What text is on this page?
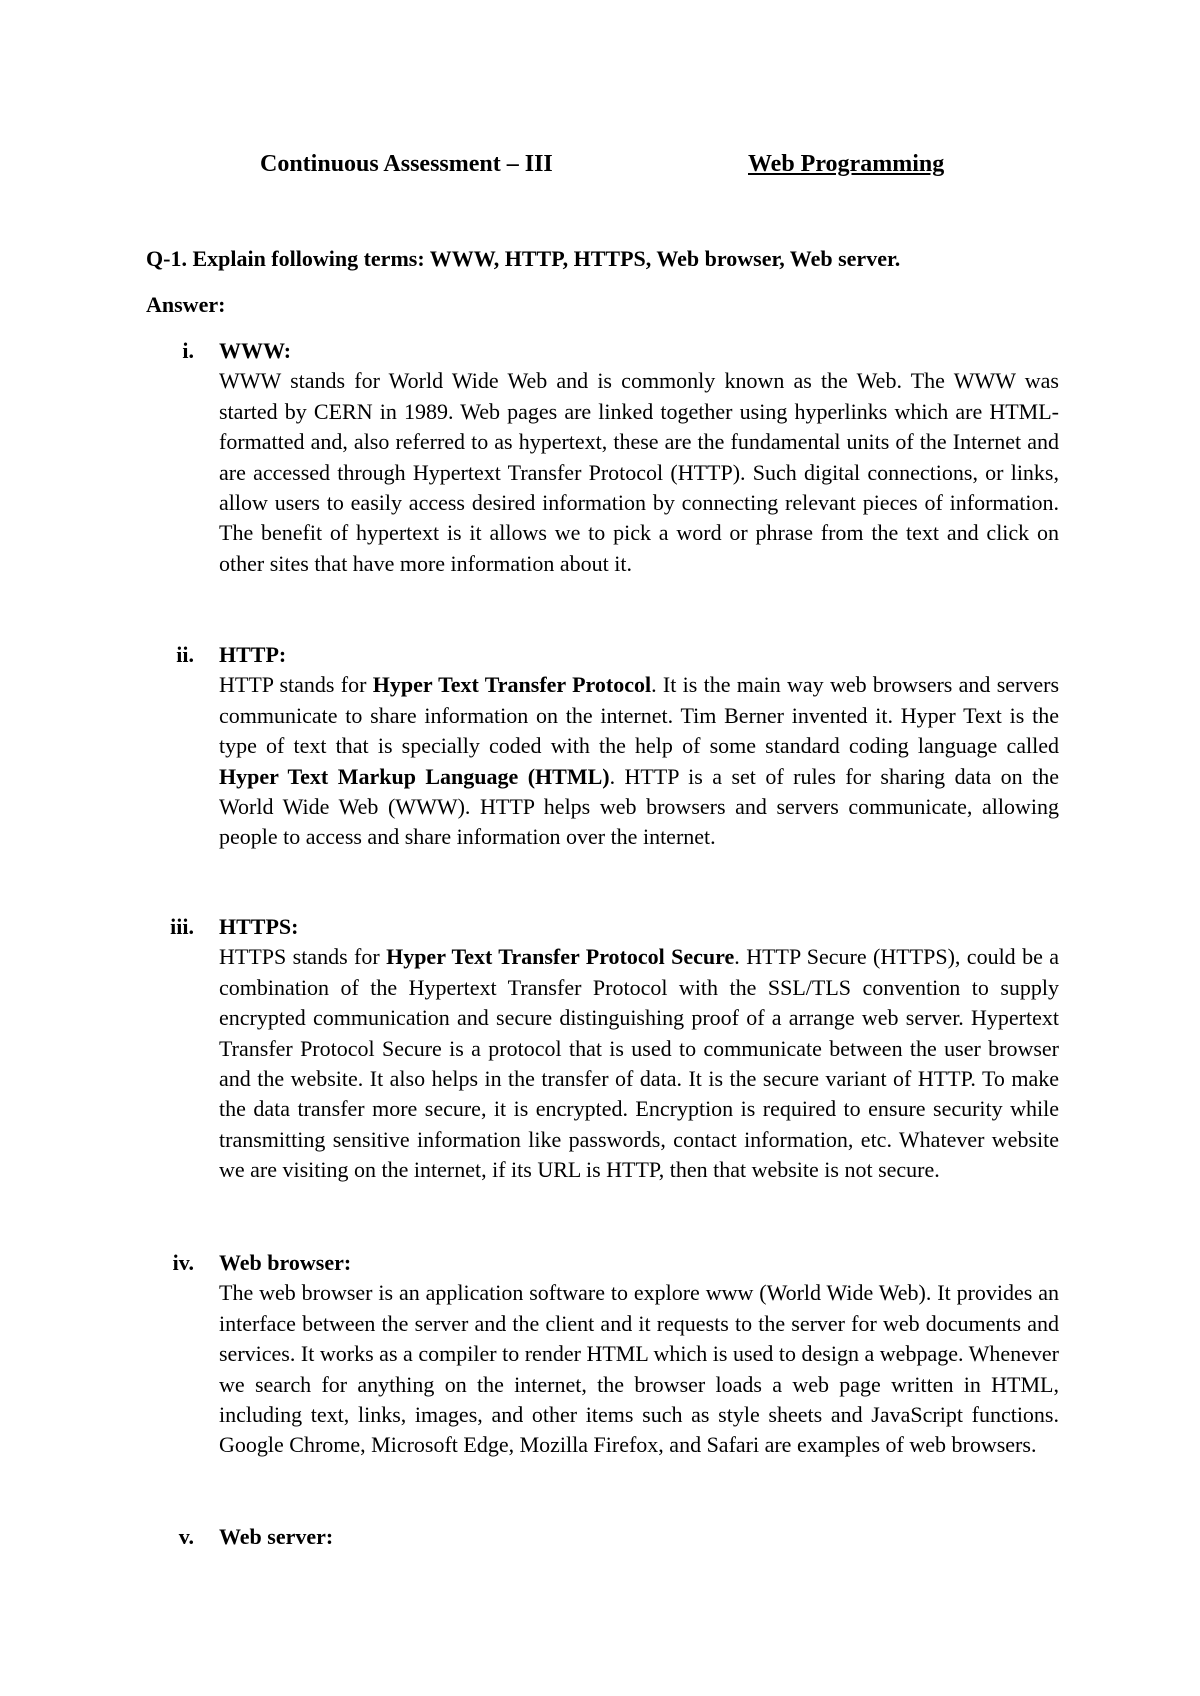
Continuous Assessment – III	Web Programming
Q-1. Explain following terms: WWW, HTTP, HTTPS, Web browser, Web server.
Answer:
i. WWW:
WWW stands for World Wide Web and is commonly known as the Web. The WWW was started by CERN in 1989. Web pages are linked together using hyperlinks which are HTML-formatted and, also referred to as hypertext, these are the fundamental units of the Internet and are accessed through Hypertext Transfer Protocol (HTTP). Such digital connections, or links, allow users to easily access desired information by connecting relevant pieces of information. The benefit of hypertext is it allows we to pick a word or phrase from the text and click on other sites that have more information about it.
ii. HTTP:
HTTP stands for Hyper Text Transfer Protocol. It is the main way web browsers and servers communicate to share information on the internet. Tim Berner invented it. Hyper Text is the type of text that is specially coded with the help of some standard coding language called Hyper Text Markup Language (HTML). HTTP is a set of rules for sharing data on the World Wide Web (WWW). HTTP helps web browsers and servers communicate, allowing people to access and share information over the internet.
iii. HTTPS:
HTTPS stands for Hyper Text Transfer Protocol Secure. HTTP Secure (HTTPS), could be a combination of the Hypertext Transfer Protocol with the SSL/TLS convention to supply encrypted communication and secure distinguishing proof of a arrange web server. Hypertext Transfer Protocol Secure is a protocol that is used to communicate between the user browser and the website. It also helps in the transfer of data. It is the secure variant of HTTP. To make the data transfer more secure, it is encrypted. Encryption is required to ensure security while transmitting sensitive information like passwords, contact information, etc. Whatever website we are visiting on the internet, if its URL is HTTP, then that website is not secure.
iv. Web browser:
The web browser is an application software to explore www (World Wide Web). It provides an interface between the server and the client and it requests to the server for web documents and services. It works as a compiler to render HTML which is used to design a webpage. Whenever we search for anything on the internet, the browser loads a web page written in HTML, including text, links, images, and other items such as style sheets and JavaScript functions. Google Chrome, Microsoft Edge, Mozilla Firefox, and Safari are examples of web browsers.
v. Web server:
